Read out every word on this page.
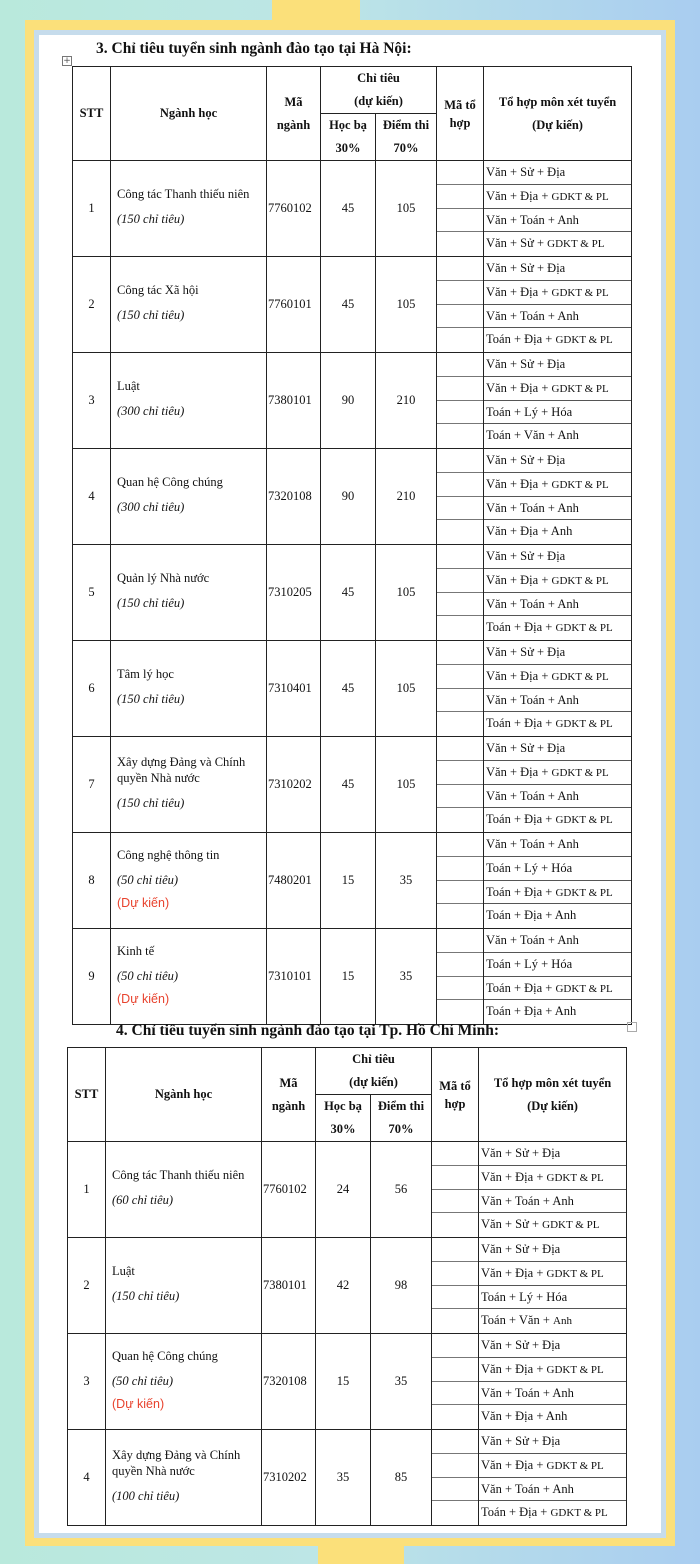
+
3. Chỉ tiêu tuyển sinh ngành đào tạo tại Hà Nội:
STT	Ngành học	Mã
ngành	Chỉ tiêu
(dự kiến)		Mã tổ
hợp	Tổ hợp môn xét tuyển
(Dự kiến)

			Học bạ
30%	Điểm thi
70%		

1	Công tác Thanh thiếu niên
(150 chỉ tiêu)	7760102	45	105		Văn + Sử + Địa
Văn + Địa + GDKT & PL
Văn + Toán + Anh
Văn + Sử + GDKT & PL

2	Công tác Xã hội
(150 chỉ tiêu)	7760101	45	105		Văn + Sử + Địa
Văn + Địa + GDKT & PL
Văn + Toán + Anh
Toán + Địa + GDKT & PL

3	Luật
(300 chỉ tiêu)	7380101	90	210		Văn + Sử + Địa
Văn + Địa + GDKT & PL
Toán + Lý + Hóa
Toán + Văn + Anh

4	Quan hệ Công chúng
(300 chỉ tiêu)	7320108	90	210		Văn + Sử + Địa
Văn + Địa + GDKT & PL
Văn + Toán + Anh
Văn + Địa + Anh

5	Quản lý Nhà nước
(150 chỉ tiêu)	7310205	45	105		Văn + Sử + Địa
Văn + Địa + GDKT & PL
Văn + Toán + Anh
Toán + Địa + GDKT & PL

6	Tâm lý học
(150 chỉ tiêu)	7310401	45	105		Văn + Sử + Địa
Văn + Địa + GDKT & PL
Văn + Toán + Anh
Toán + Địa + GDKT & PL

7	Xây dựng Đảng và Chính quyền Nhà nước
(150 chỉ tiêu)	7310202	45	105		Văn + Sử + Địa
Văn + Địa + GDKT & PL
Văn + Toán + Anh
Toán + Địa + GDKT & PL

8	Công nghệ thông tin
(50 chỉ tiêu)
(Dự kiến)	7480201	15	35		Văn + Toán + Anh
Toán + Lý + Hóa
Toán + Địa + GDKT & PL
Toán + Địa + Anh

9	Kinh tế
(50 chỉ tiêu)
(Dự kiến)	7310101	15	35		Văn + Toán + Anh
Toán + Lý + Hóa
Toán + Địa + GDKT & PL
Toán + Địa + Anh
4. Chỉ tiêu tuyển sinh ngành đào tạo tại Tp. Hồ Chí Minh:
STT	Ngành học	Mã
ngành	Chỉ tiêu
(dự kiến)		Mã tổ
hợp	Tổ hợp môn xét tuyển
(Dự kiến)

			Học bạ
30%	Điểm thi
70%		

1	Công tác Thanh thiếu niên
(60 chỉ tiêu)	7760102	24	56		Văn + Sử + Địa
Văn + Địa + GDKT & PL
Văn + Toán + Anh
Văn + Sử + GDKT & PL

2	Luật
(150 chỉ tiêu)	7380101	42	98		Văn + Sử + Địa
Văn + Địa + GDKT & PL
Toán + Lý + Hóa
Toán + Văn + Anh

3	Quan hệ Công chúng
(50 chỉ tiêu)
(Dự kiến)	7320108	15	35		Văn + Sử + Địa
Văn + Địa + GDKT & PL
Văn + Toán + Anh
Văn + Địa + Anh

4	Xây dựng Đảng và Chính quyền Nhà nước
(100 chỉ tiêu)	7310202	35	85		Văn + Sử + Địa
Văn + Địa + GDKT & PL
Văn + Toán + Anh
Toán + Địa + GDKT & PL
